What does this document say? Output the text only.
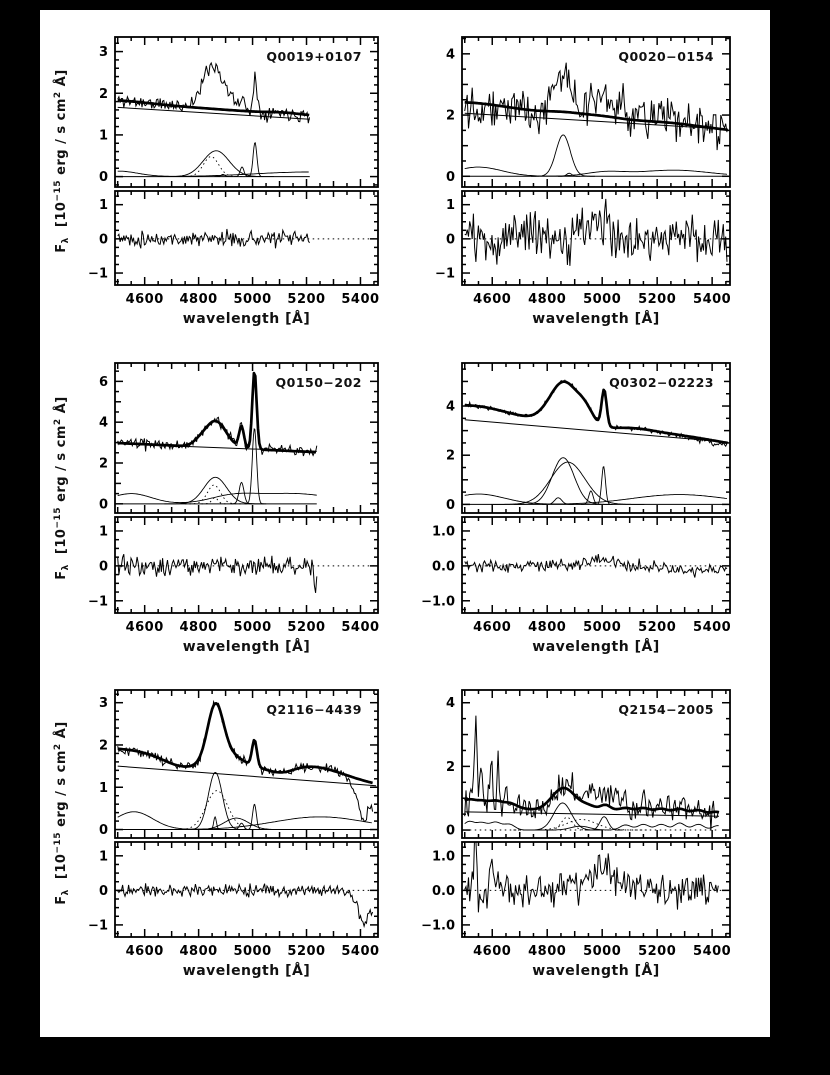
$F_\lambda$  [$10^{-15}$ erg / s $cm^2$ Å]
$F_\lambda$  [$10^{-15}$ erg / s $cm^2$ Å]
$F_\lambda$  [$10^{-15}$ erg / s $cm^2$ Å]
3
2
1
0
1
0
−1
4600 4800 5000 5200 5400
Q0019+0107
wavelength [Å]
4
2
0
1
0
−1
4600 4800 5000 5200 5400
Q0020−0154
wavelength [Å]
6
4
2
0
1
0
−1
4600 4800 5000 5200 5400
Q0150−202
wavelength [Å]
4
2
0
1.0
0.0
−1.0
4600 4800 5000 5200 5400
Q0302−02223
wavelength [Å]
3
2
1
0
1
0
−1
4600 4800 5000 5200 5400
Q2116−4439
wavelength [Å]
4
2
0
1.0
0.0
−1.0
4600 4800 5000 5200 5400
Q2154−2005
wavelength [Å]
